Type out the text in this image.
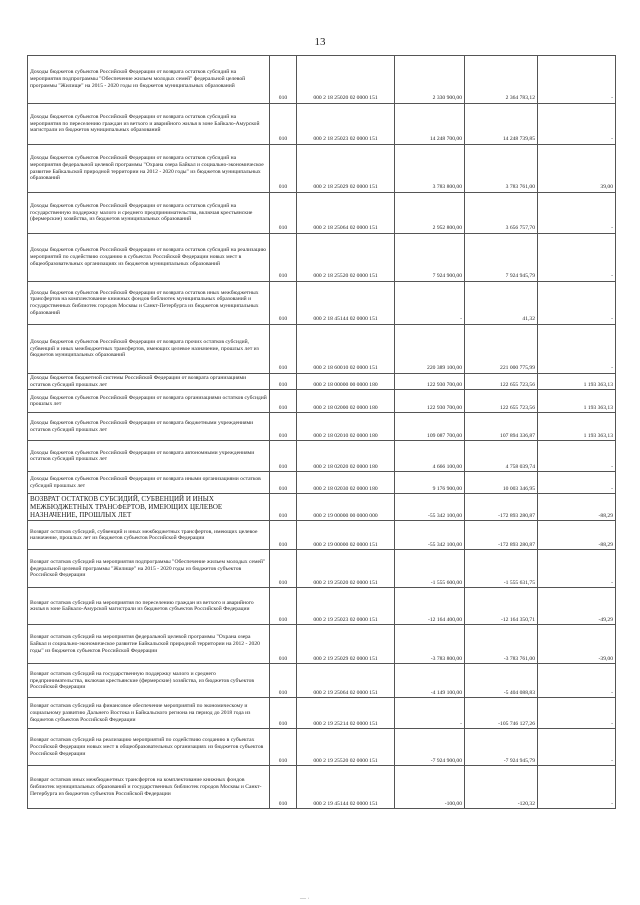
13
Доходы бюджетов субъектов Российской Федерации от возврата остатков субсидий на мероприятия подпрограммы "Обеспечение жильем молодых семей" федеральной целевой программы "Жилище" на 2015 - 2020 годы из бюджетов муниципальных образований	010	000 2 18 25020 02 0000 151	2 330 900,00	2 364 783,12	-
Доходы бюджетов субъектов Российской Федерации от возврата остатков субсидий на мероприятия по переселению граждан из ветхого и аварийного жилья в зоне Байкало-Амурской магистрали из бюджетов муниципальных образований	010	000 2 18 25023 02 0000 151	14 248 700,00	14 248 739,85	-
Доходы бюджетов субъектов Российской Федерации от возврата остатков субсидий на мероприятия федеральной целевой программы "Охрана озера Байкал и социально-экономическое развитие Байкальской природной территории на 2012 - 2020 годы" из бюджетов муниципальных образований	010	000 2 18 25029 02 0000 151	3 783 800,00	3 783 761,00	39,00
Доходы бюджетов субъектов Российской Федерации от возврата остатков субсидий на государственную поддержку малого и среднего предпринимательства, включая крестьянские (фермерские) хозяйства, из бюджетов муниципальных образований	010	000 2 18 25064 02 0000 151	2 952 800,00	3 656 757,70	-
Доходы бюджетов субъектов Российской Федерации от возврата остатков субсидий на реализацию мероприятий по содействию созданию в субъектах Российской Федерации новых мест в общеобразовательных организациях из бюджетов муниципальных образований	010	000 2 18 25520 02 0000 151	7 924 900,00	7 924 945,79	-
Доходы бюджетов субъектов Российской Федерации от возврата остатков иных межбюджетных трансфертов на комплектование книжных фондов библиотек муниципальных образований и государственных библиотек городов Москвы и Санкт-Петербурга из бюджетов муниципальных образований	010	000 2 18 45144 02 0000 151	-	41,32	-
Доходы бюджетов субъектов Российской Федерации от возврата прочих остатков субсидий, субвенций и иных межбюджетных трансфертов, имеющих целевое назначение, прошлых лет из бюджетов муниципальных образований	010	000 2 18 60010 02 0000 151	220 389 100,00	221 000 775,99	-
Доходы бюджетов бюджетной системы Российской Федерации от возврата организациями остатков субсидий прошлых лет	010	000 2 18 00000 00 0000 180	122 930 700,00	122 655 723,56	1 193 363,13
Доходы бюджетов субъектов Российской Федерации от возврата организациями остатков субсидий прошлых лет	010	000 2 18 02000 02 0000 180	122 930 700,00	122 655 723,56	1 193 363,13
Доходы бюджетов субъектов Российской Федерации от возврата бюджетными учреждениями остатков субсидий прошлых лет	010	000 2 18 02010 02 0000 180	109 087 700,00	107 894 336,87	1 193 363,13
Доходы бюджетов субъектов Российской Федерации от возврата автономными учреждениями остатков субсидий прошлых лет	010	000 2 18 02020 02 0000 180	4 666 100,00	4 758 039,74	-
Доходы бюджетов субъектов Российской Федерации от возврата иными организациями остатков субсидий прошлых лет	010	000 2 18 02030 02 0000 180	9 176 900,00	10 003 346,95	-
ВОЗВРАТ ОСТАТКОВ СУБСИДИЙ, СУБВЕНЦИЙ И ИНЫХ МЕЖБЮДЖЕТНЫХ ТРАНСФЕРТОВ, ИМЕЮЩИХ ЦЕЛЕВОЕ НАЗНАЧЕНИЕ, ПРОШЛЫХ ЛЕТ	010	000 2 19 00000 00 0000 000	-55 342 100,00	-172 893 280,87	-88,29
Возврат остатков субсидий, субвенций и иных межбюджетных трансфертов, имеющих целевое назначение, прошлых лет из бюджетов субъектов Российской Федерации	010	000 2 19 00000 02 0000 151	-55 342 100,00	-172 893 280,87	-88,29
Возврат остатков субсидий на мероприятия подпрограммы "Обеспечение жильем молодых семей" федеральной целевой программы "Жилище" на 2015 - 2020 годы из бюджетов субъектов Российской Федерации	010	000 2 19 25020 02 0000 151	-1 555 600,00	-1 555 631,75	-
Возврат остатков субсидий на мероприятия по переселению граждан из ветхого и аварийного жилья в зоне Байкало-Амурской магистрали из бюджетов субъектов Российской Федерации	010	000 2 19 25023 02 0000 151	-12 164 400,00	-12 164 350,71	-49,29
Возврат остатков субсидий на мероприятия федеральной целевой программы "Охрана озера Байкал и социально-экономическое развитие Байкальской природной территории на 2012 - 2020 годы" из бюджетов субъектов Российской Федерации	010	000 2 19 25029 02 0000 151	-3 783 800,00	-3 783 761,00	-39,00
Возврат остатков субсидий на государственную поддержку малого и среднего предпринимательства, включая крестьянские (фермерские) хозяйства, из бюджетов субъектов Российской Федерации	010	000 2 19 25064 02 0000 151	-4 149 100,00	-5 404 088,83	-
Возврат остатков субсидий на финансовое обеспечение мероприятий по экономическому и социальному развитию Дальнего Востока и Байкальского региона на период до 2018 года из бюджетов субъектов Российской Федерации	010	000 2 19 25214 02 0000 151	-	-105 746 127,26	-
Возврат остатков субсидий на реализацию мероприятий по содействию созданию в субъектах Российской Федерации новых мест в общеобразовательных организациях из бюджетов субъектов Российской Федерации	010	000 2 19 25520 02 0000 151	-7 924 900,00	-7 924 945,79	-
Возврат остатков иных межбюджетных трансфертов на комплектование книжных фондов библиотек муниципальных образований и государственных библиотек городов Москвы и Санкт-Петербурга из бюджетов субъектов Российской Федерации	010	000 2 19 45144 02 0000 151	-100,00	-120,32	-
— ·
